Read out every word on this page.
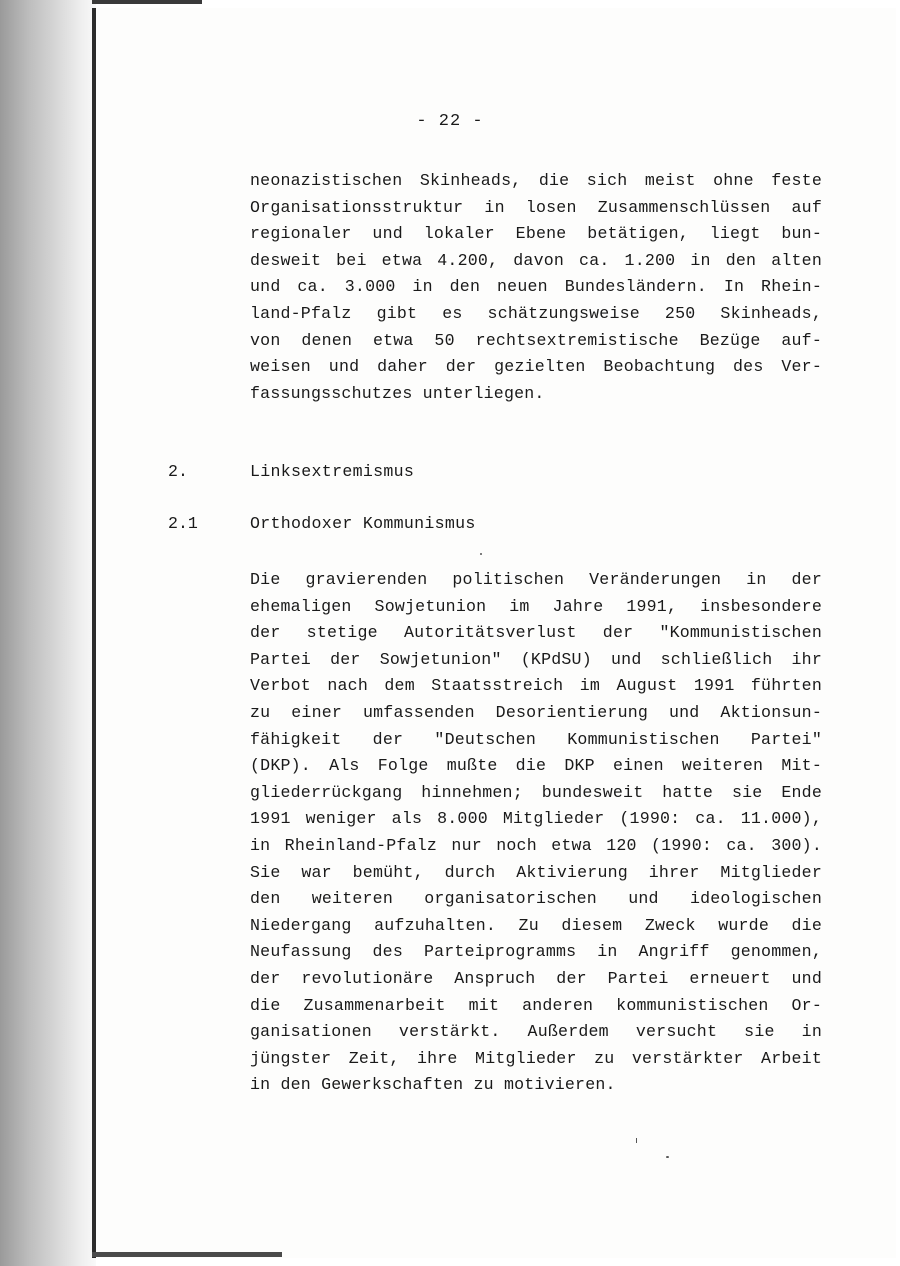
- 22 -
neonazistischen Skinheads, die sich meist ohne feste
Organisationsstruktur in losen Zusammenschlüssen auf
regionaler und lokaler Ebene betätigen, liegt bun-
desweit bei etwa 4.200, davon ca. 1.200 in den alten
und ca. 3.000 in den neuen Bundesländern. In Rhein-
land-Pfalz gibt es schätzungsweise 250 Skinheads,
von denen etwa 50 rechtsextremistische Bezüge auf-
weisen und daher der gezielten Beobachtung des Ver-
fassungsschutzes unterliegen.
2.	Linksextremismus
2.1	Orthodoxer Kommunismus
Die gravierenden politischen Veränderungen in der
ehemaligen Sowjetunion im Jahre 1991, insbesondere
der stetige Autoritätsverlust der "Kommunistischen
Partei der Sowjetunion" (KPdSU) und schließlich ihr
Verbot nach dem Staatsstreich im August 1991 führten
zu einer umfassenden Desorientierung und Aktionsun-
fähigkeit der "Deutschen Kommunistischen Partei"
(DKP). Als Folge mußte die DKP einen weiteren Mit-
gliederrückgang hinnehmen; bundesweit hatte sie Ende
1991 weniger als 8.000 Mitglieder (1990: ca. 11.000),
in Rheinland-Pfalz nur noch etwa 120 (1990: ca. 300).
Sie war bemüht, durch Aktivierung ihrer Mitglieder
den weiteren organisatorischen und ideologischen
Niedergang aufzuhalten. Zu diesem Zweck wurde die
Neufassung des Parteiprogramms in Angriff genommen,
der revolutionäre Anspruch der Partei erneuert und
die Zusammenarbeit mit anderen kommunistischen Or-
ganisationen verstärkt. Außerdem versucht sie in
jüngster Zeit, ihre Mitglieder zu verstärkter Arbeit
in den Gewerkschaften zu motivieren.
